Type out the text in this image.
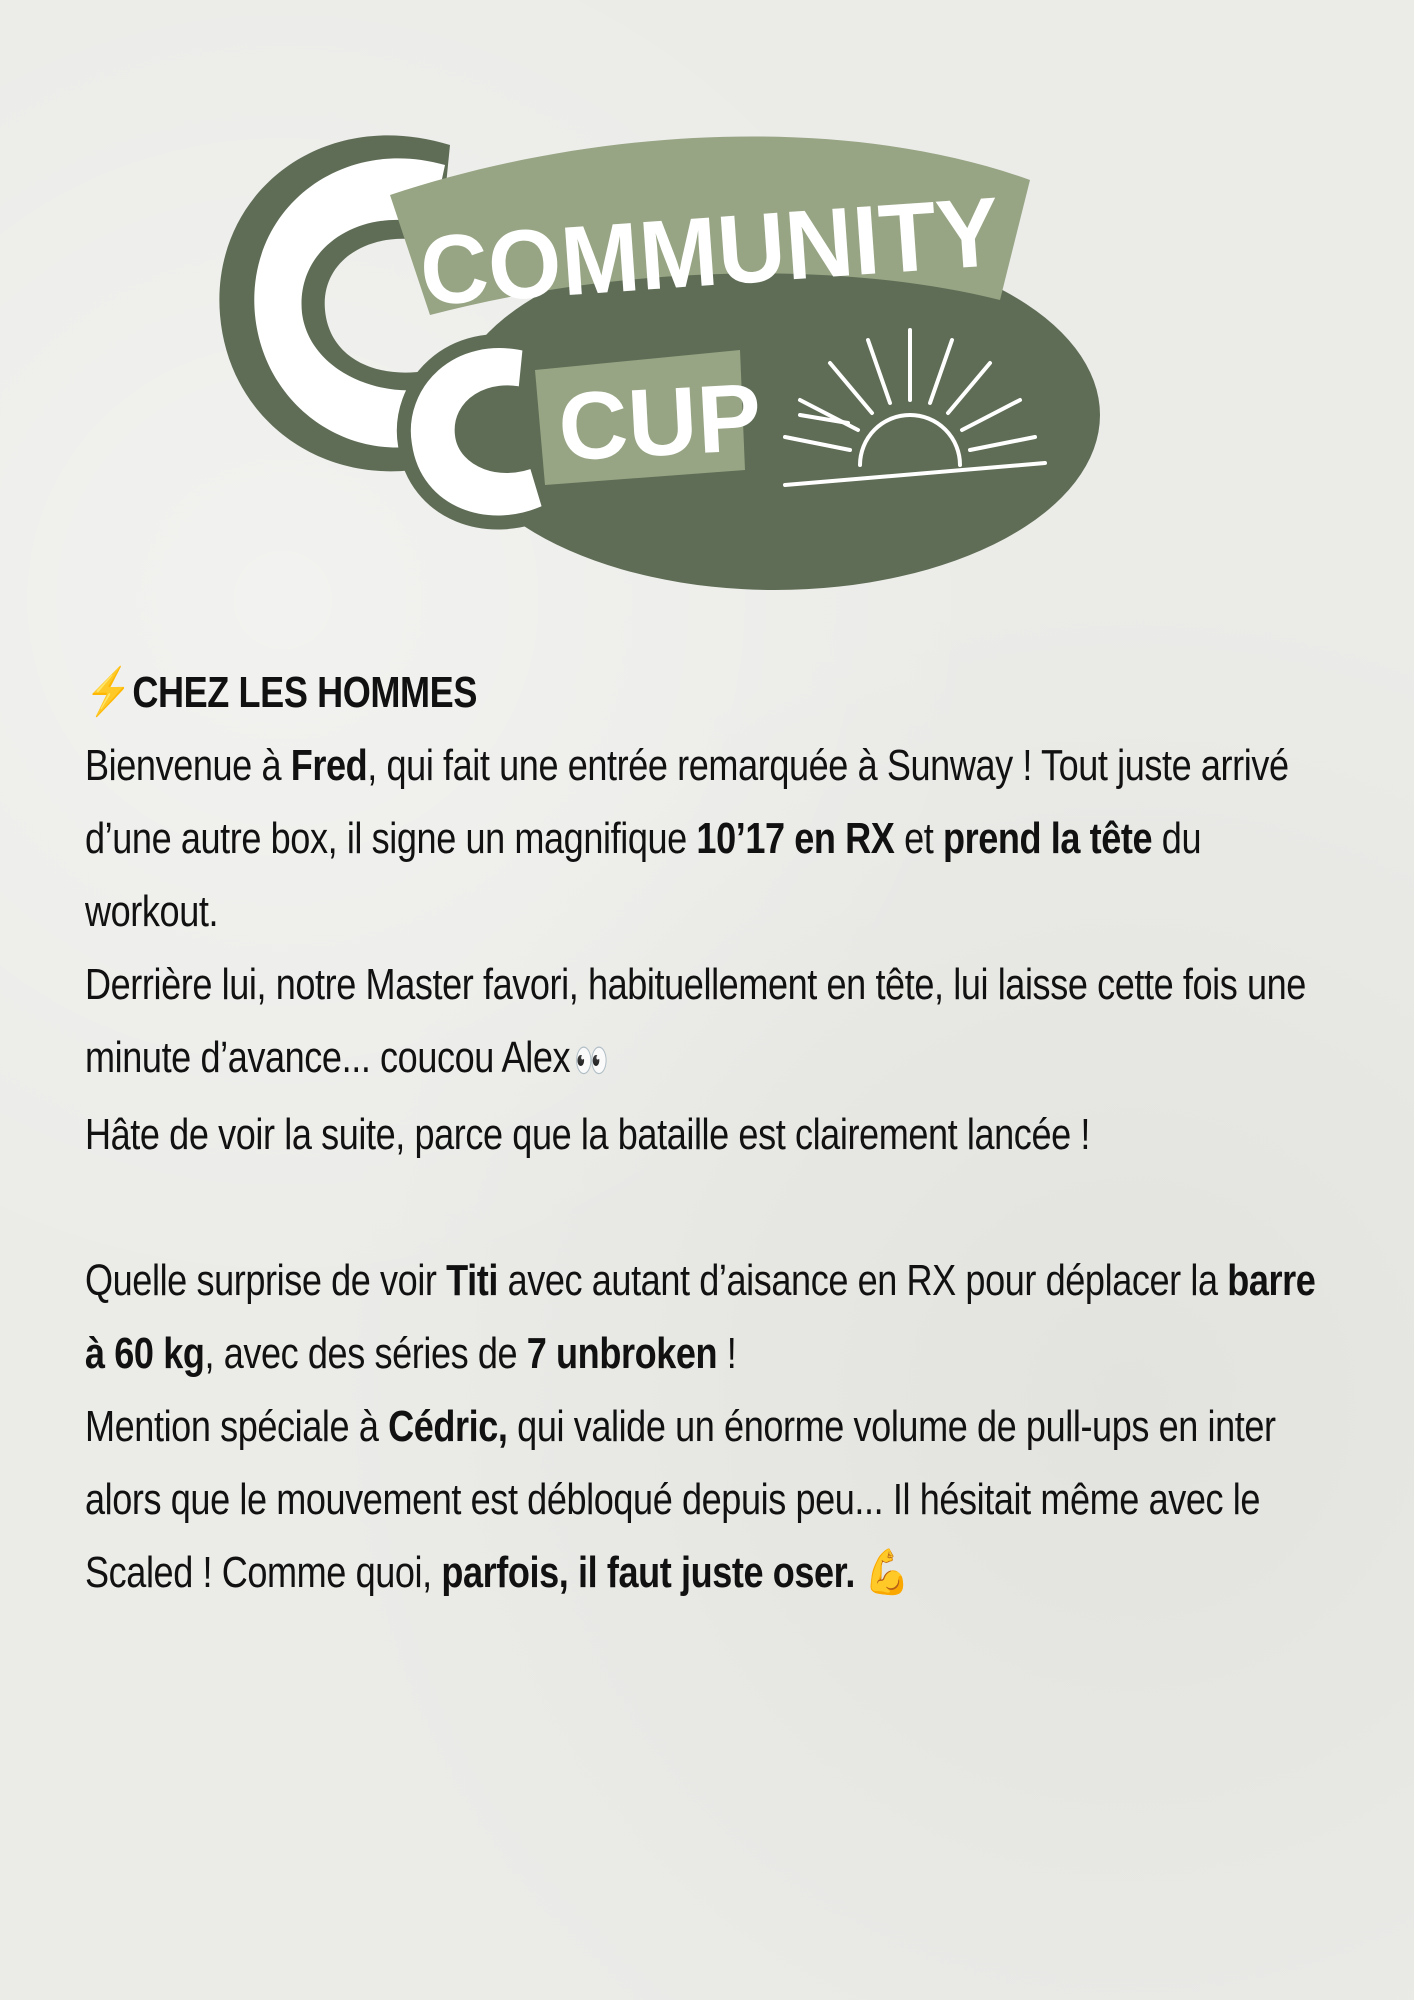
COMMUNITY
CUP

⚡ CHEZ LES HOMMES

Bienvenue à Fred, qui fait une entrée remarquée à Sunway ! Tout juste arrivé d’une autre box, il signe un magnifique 10’17 en RX et prend la tête du workout.

Derrière lui, notre Master favori, habituellement en tête, lui laisse cette fois une minute d’avance... coucou Alex 👀

Hâte de voir la suite, parce que la bataille est clairement lancée !

Quelle surprise de voir Titi avec autant d’aisance en RX pour déplacer la barre à 60 kg, avec des séries de 7 unbroken !

Mention spéciale à Cédric, qui valide un énorme volume de pull-ups en inter alors que le mouvement est débloqué depuis peu... Il hésitait même avec le Scaled ! Comme quoi, parfois, il faut juste oser. 💪
